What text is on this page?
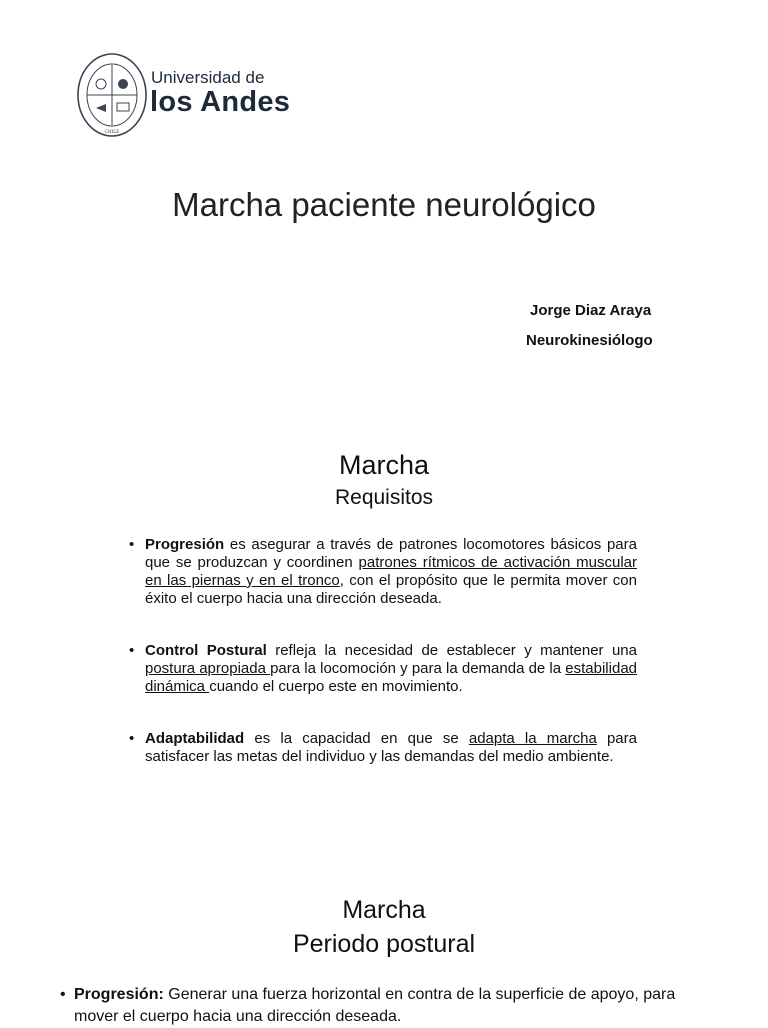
CHILE
Universidad de
los Andes
Marcha paciente neurológico
Jorge Diaz Araya
Neurokinesiólogo
Marcha
Requisitos
• Progresión es asegurar a través de patrones locomotores básicos para que se produzcan y coordinen patrones rítmicos de activación muscular en las piernas y en el tronco, con el propósito que le permita mover con éxito el cuerpo hacia una dirección deseada.
• Control Postural refleja la necesidad de establecer y mantener una postura apropiada para la locomoción y para la demanda de la estabilidad dinámica cuando el cuerpo este en movimiento.
• Adaptabilidad es la capacidad en que se adapta la marcha para satisfacer las metas del individuo y las demandas del medio ambiente.
Marcha
Periodo postural
• Progresión: Generar una fuerza horizontal en contra de la superficie de apoyo, para mover el cuerpo hacia una dirección deseada.
